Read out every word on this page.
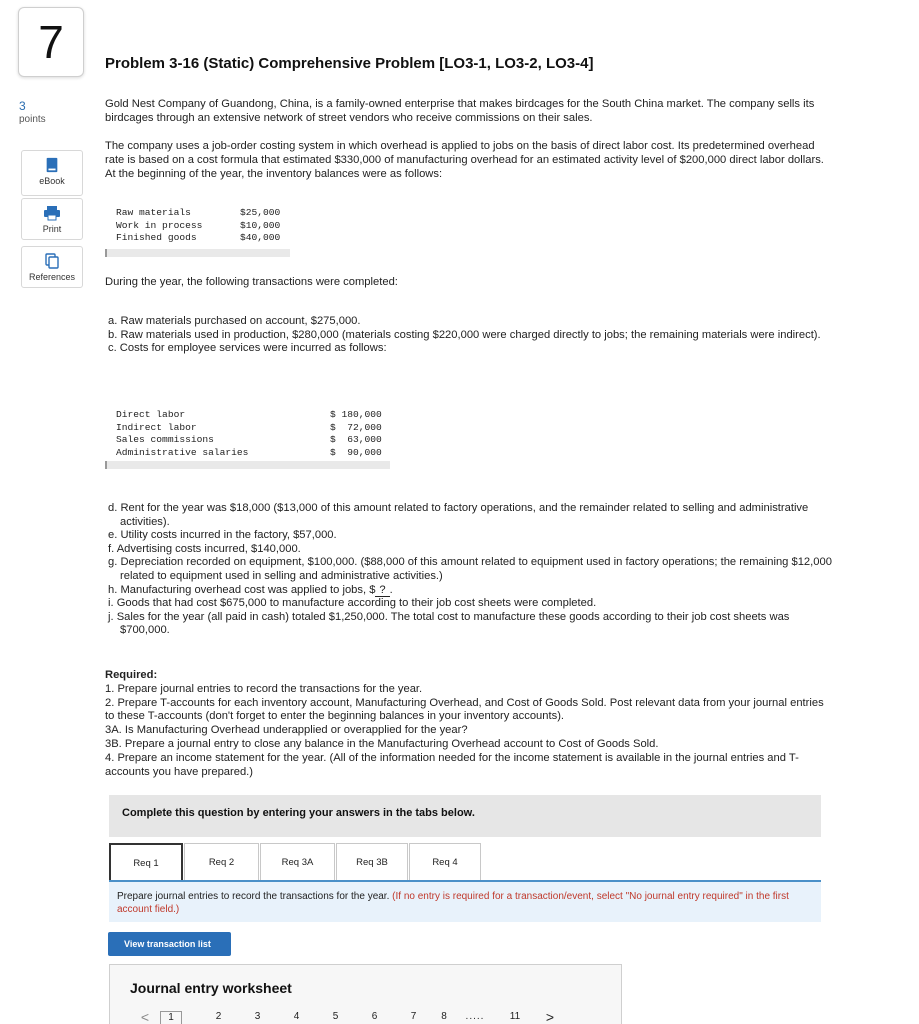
7
3
points
eBook
Print
References
Problem 3-16 (Static) Comprehensive Problem [LO3-1, LO3-2, LO3-4]
Gold Nest Company of Guandong, China, is a family-owned enterprise that makes birdcages for the South China market. The company sells its birdcages through an extensive network of street vendors who receive commissions on their sales.
The company uses a job-order costing system in which overhead is applied to jobs on the basis of direct labor cost. Its predetermined overhead rate is based on a cost formula that estimated $330,000 of manufacturing overhead for an estimated activity level of $200,000 direct labor dollars. At the beginning of the year, the inventory balances were as follows:
Raw materials	$25,000
Work in process	$10,000
Finished goods	$40,000
During the year, the following transactions were completed:
a. Raw materials purchased on account, $275,000.
b. Raw materials used in production, $280,000 (materials costing $220,000 were charged directly to jobs; the remaining materials were indirect).
c. Costs for employee services were incurred as follows:
Direct labor	$ 180,000
Indirect labor	$  72,000
Sales commissions	$  63,000
Administrative salaries	$  90,000
d. Rent for the year was $18,000 ($13,000 of this amount related to factory operations, and the remainder related to selling and administrative activities).
e. Utility costs incurred in the factory, $57,000.
f. Advertising costs incurred, $140,000.
g. Depreciation recorded on equipment, $100,000. ($88,000 of this amount related to equipment used in factory operations; the remaining $12,000 related to equipment used in selling and administrative activities.)
h. Manufacturing overhead cost was applied to jobs, $ ? .
i. Goods that had cost $675,000 to manufacture according to their job cost sheets were completed.
j. Sales for the year (all paid in cash) totaled $1,250,000. The total cost to manufacture these goods according to their job cost sheets was $700,000.
Required:
1. Prepare journal entries to record the transactions for the year.
2. Prepare T-accounts for each inventory account, Manufacturing Overhead, and Cost of Goods Sold. Post relevant data from your journal entries to these T-accounts (don't forget to enter the beginning balances in your inventory accounts).
3A. Is Manufacturing Overhead underapplied or overapplied for the year?
3B. Prepare a journal entry to close any balance in the Manufacturing Overhead account to Cost of Goods Sold.
4. Prepare an income statement for the year. (All of the information needed for the income statement is available in the journal entries and T-accounts you have prepared.)
Complete this question by entering your answers in the tabs below.
Req 1	Req 2	Req 3A	Req 3B	Req 4
Prepare journal entries to record the transactions for the year. (If no entry is required for a transaction/event, select "No journal entry required" in the first account field.)
View transaction list
Journal entry worksheet
<	1	2	3	4	5	6	7	8	.....	11	>
